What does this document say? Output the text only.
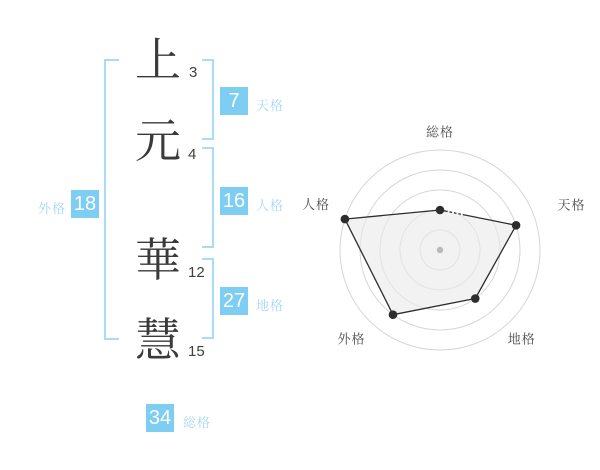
上
元
華
慧
3
4
12
15
7	天格
16 人格
27 地格
外格 18
34 総格
総格
天格
地格
外格
人格
